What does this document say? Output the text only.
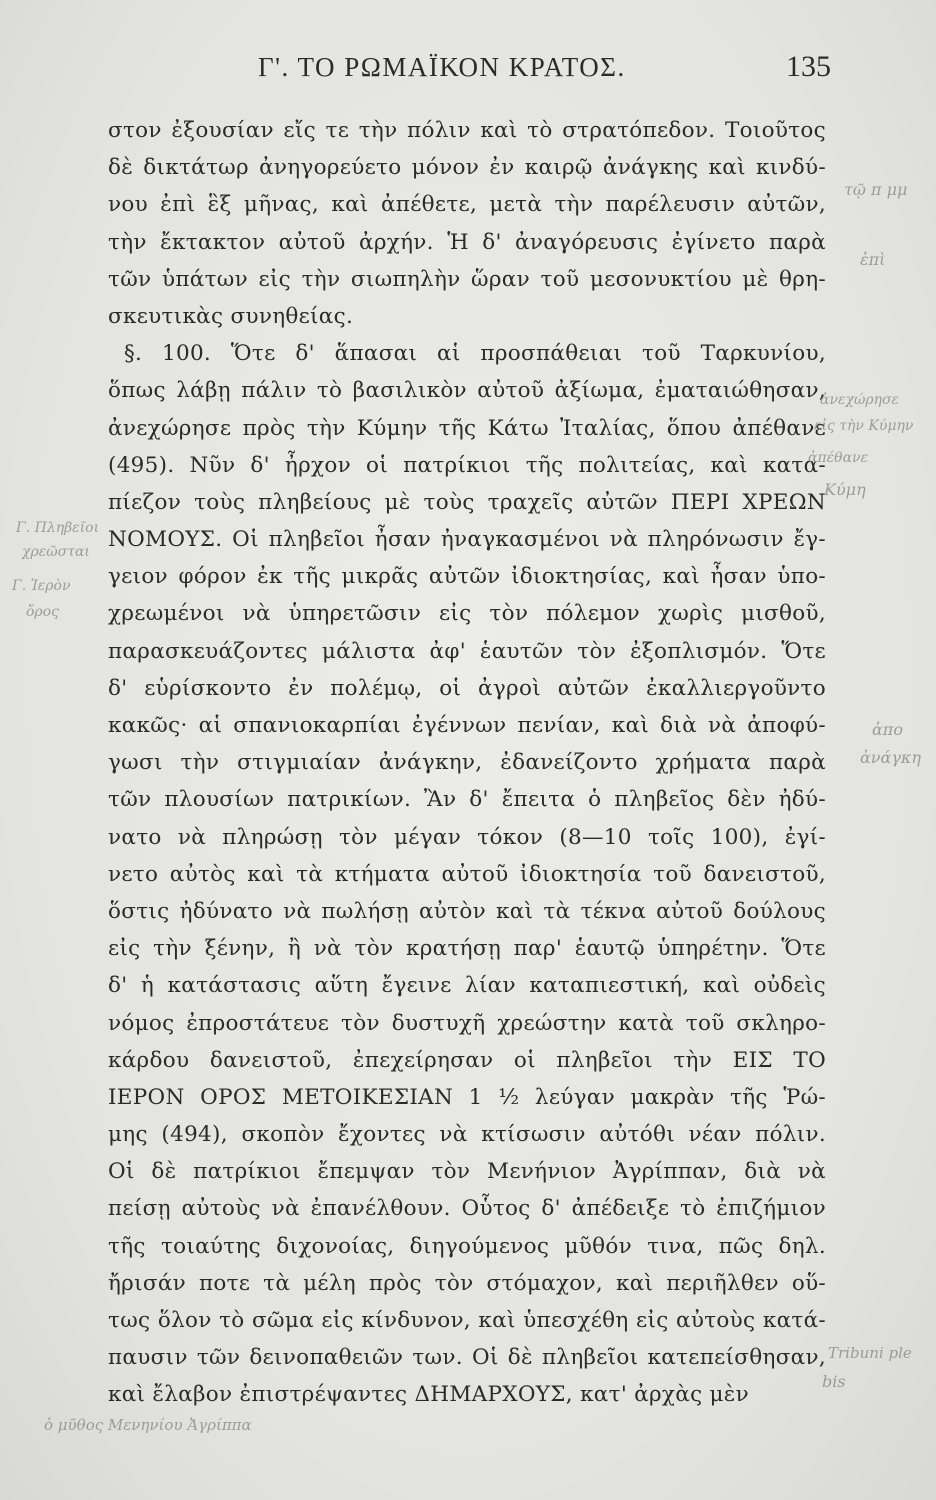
Γ'. ΤΟ ΡΩΜΑΪΚΟΝ ΚΡΑΤΟΣ.	135
στον ἐξουσίαν εἴς τε τὴν πόλιν καὶ τὸ στρατόπεδον. Τοιοῦτος
δὲ δικτάτωρ ἀνηγορεύετο μόνον ἐν καιρῷ ἀνάγκης καὶ κινδύ-
νου ἐπὶ ἓξ μῆνας, καὶ ἀπέθετε, μετὰ τὴν παρέλευσιν αὐτῶν,
τὴν ἔκτακτον αὐτοῦ ἀρχήν. Ἡ δ' ἀναγόρευσις ἐγίνετο παρὰ
τῶν ὑπάτων εἰς τὴν σιωπηλὴν ὥραν τοῦ μεσονυκτίου μὲ θρη-
σκευτικὰς συνηθείας.
§. 100. Ὅτε δ' ἅπασαι αἱ προσπάθειαι τοῦ Ταρκυνίου,
ὅπως λάβῃ πάλιν τὸ βασιλικὸν αὐτοῦ ἀξίωμα, ἐματαιώθησαν,
ἀνεχώρησε πρὸς τὴν Κύμην τῆς Κάτω Ἰταλίας, ὅπου ἀπέθανε
(495). Νῦν δ' ἦρχον οἱ πατρίκιοι τῆς πολιτείας, καὶ κατα-
πίεζον τοὺς πληβείους μὲ τοὺς τραχεῖς αὐτῶν ΠΕΡΙ ΧΡΕΩΝ
ΝΟΜΟΥΣ. Οἱ πληβεῖοι ἦσαν ἠναγκασμένοι νὰ πληρόνωσιν ἔγ-
γειον φόρον ἐκ τῆς μικρᾶς αὐτῶν ἰδιοκτησίας, καὶ ἦσαν ὑπο-
χρεωμένοι νὰ ὑπηρετῶσιν εἰς τὸν πόλεμον χωρὶς μισθοῦ,
παρασκευάζοντες μάλιστα ἀφ' ἑαυτῶν τὸν ἐξοπλισμόν. Ὅτε
δ' εὑρίσκοντο ἐν πολέμῳ, οἱ ἀγροὶ αὐτῶν ἐκαλλιεργοῦντο
κακῶς· αἱ σπανιοκαρπίαι ἐγέννων πενίαν, καὶ διὰ νὰ ἀποφύ-
γωσι τὴν στιγμιαίαν ἀνάγκην, ἐδανείζοντο χρήματα παρὰ
τῶν πλουσίων πατρικίων. Ἂν δ' ἔπειτα ὁ πληβεῖος δὲν ἠδύ-
νατο νὰ πληρώσῃ τὸν μέγαν τόκον (8—10 τοῖς 100), ἐγί-
νετο αὐτὸς καὶ τὰ κτήματα αὐτοῦ ἰδιοκτησία τοῦ δανειστοῦ,
ὅστις ἠδύνατο νὰ πωλήσῃ αὐτὸν καὶ τὰ τέκνα αὐτοῦ δούλους
εἰς τὴν ξένην, ἢ νὰ τὸν κρατήσῃ παρ' ἑαυτῷ ὑπηρέτην. Ὅτε
δ' ἡ κατάστασις αὕτη ἔγεινε λίαν καταπιεστική, καὶ οὐδεὶς
νόμος ἐπροστάτευε τὸν δυστυχῆ χρεώστην κατὰ τοῦ σκληρο-
κάρδου δανειστοῦ, ἐπεχείρησαν οἱ πληβεῖοι τὴν ΕΙΣ ΤΟ
ΙΕΡΟΝ ΟΡΟΣ ΜΕΤΟΙΚΕΣΙΑΝ 1 ½ λεύγαν μακρὰν τῆς Ῥώ-
μης (494), σκοπὸν ἔχοντες νὰ κτίσωσιν αὐτόθι νέαν πόλιν.
Οἱ δὲ πατρίκιοι ἔπεμψαν τὸν Μενήνιον Ἀγρίππαν, διὰ νὰ
πείσῃ αὐτοὺς νὰ ἐπανέλθουν. Οὗτος δ' ἀπέδειξε τὸ ἐπιζήμιον
τῆς τοιαύτης διχονοίας, διηγούμενος μῦθόν τινα, πῶς δηλ.
ἤρισάν ποτε τὰ μέλη πρὸς τὸν στόμαχον, καὶ περιῆλθεν οὕ-
τως ὅλον τὸ σῶμα εἰς κίνδυνον, καὶ ὑπεσχέθη εἰς αὐτοὺς κατά-
παυσιν τῶν δεινοπαθειῶν των. Οἱ δὲ πληβεῖοι κατεπείσθησαν,
καὶ ἔλαβον ἐπιστρέψαντες ΔΗΜΑΡΧΟΥΣ, κατ' ἀρχὰς μὲν
τῷ π μμ
ἐπὶ
ἀνεχώρησε
εἰς τὴν Κύμην
ἀπέθανε
Κύμη
ἀπο
ἀνάγκη
Tribuni ple
bis
Γ. Πληβεῖοι
χρεῶσται
Γ. Ἱερὸν
ὄρος
ὁ μῦθος Μενηνίου Ἀγρίππα
